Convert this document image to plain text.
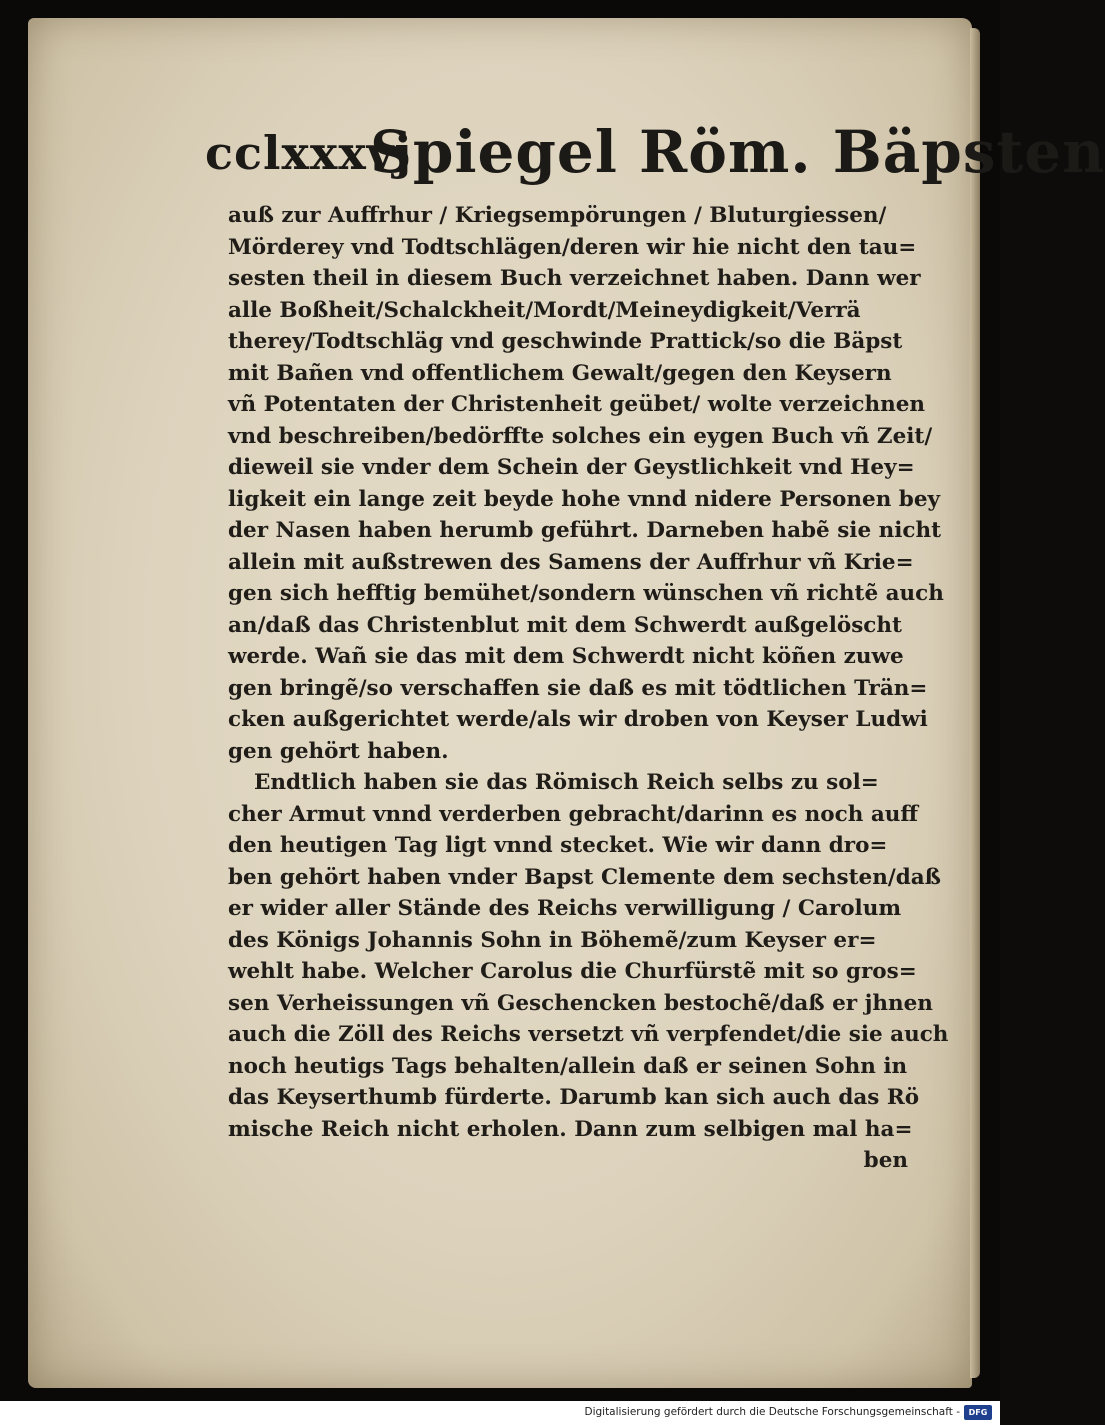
cclxxxvj
Spiegel Röm. Bäpsten
auß zur Auffrhur / Kriegsempörungen / Bluturgiessen/
Mörderey vnd Todtschlägen/deren wir hie nicht den tau=
sesten theil in diesem Buch verzeichnet haben. Dann wer
alle Boßheit/Schalckheit/Mordt/Meineydigkeit/Verrä
therey/Todtschläg vnd geschwinde Prattick/so die Bäpst
mit Bañen vnd offentlichem Gewalt/gegen den Keysern
vñ Potentaten der Christenheit geübet/ wolte verzeichnen
vnd beschreiben/bedörffte solches ein eygen Buch vñ Zeit/
dieweil sie vnder dem Schein der Geystlichkeit vnd Hey=
ligkeit ein lange zeit beyde hohe vnnd nidere Personen bey
der Nasen haben herumb geführt. Darneben habẽ sie nicht
allein mit außstrewen des Samens der Auffrhur vñ Krie=
gen sich hefftig bemühet/sondern wünschen vñ richtẽ auch
an/daß das Christenblut mit dem Schwerdt außgelöscht
werde. Wañ sie das mit dem Schwerdt nicht köñen zuwe
gen bringẽ/so verschaffen sie daß es mit tödtlichen Trän=
cken außgerichtet werde/als wir droben von Keyser Ludwi
gen gehört haben.
Endtlich haben sie das Römisch Reich selbs zu sol=
cher Armut vnnd verderben gebracht/darinn es noch auff
den heutigen Tag ligt vnnd stecket. Wie wir dann dro=
ben gehört haben vnder Bapst Clemente dem sechsten/daß
er wider aller Stände des Reichs verwilligung / Carolum
des Königs Johannis Sohn in Böhemẽ/zum Keyser er=
wehlt habe. Welcher Carolus die Churfürstẽ mit so gros=
sen Verheissungen vñ Geschencken bestochẽ/daß er jhnen
auch die Zöll des Reichs versetzt vñ verpfendet/die sie auch
noch heutigs Tags behalten/allein daß er seinen Sohn in
das Keyserthumb fürderte. Darumb kan sich auch das Rö
mische Reich nicht erholen. Dann zum selbigen mal ha=
ben
Digitalisierung gefördert durch die Deutsche Forschungsgemeinschaft -	DFG
